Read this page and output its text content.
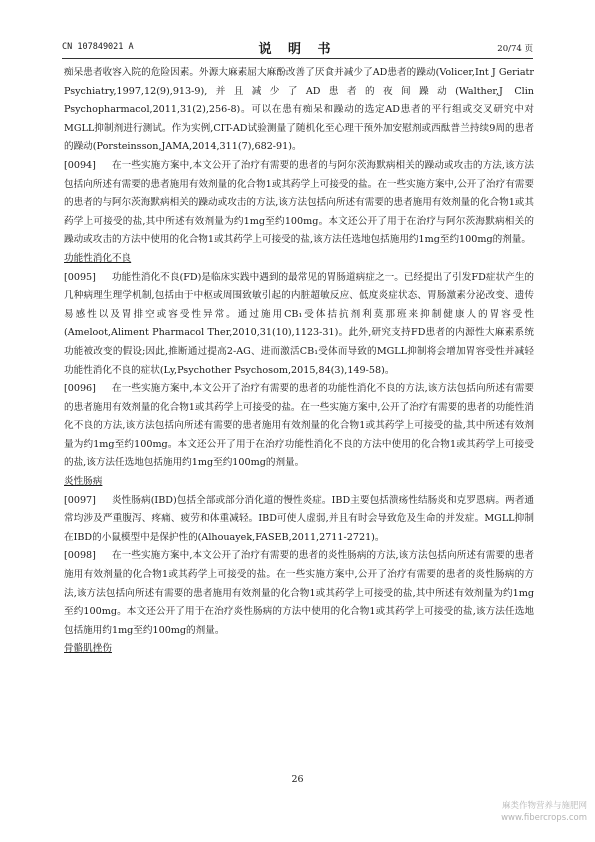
CN 107849021 A	说 明 书	20/74 页

痴呆患者收容入院的危险因素。外源大麻素屈大麻酚改善了厌食并减少了AD患者的躁动(Volicer,Int J Geriatr Psychiatry,1997,12(9),913-9),并且减少了AD患者的夜间躁动(Walther,J Clin Psychopharmacol,2011,31(2),256-8)。可以在患有痴呆和躁动的选定AD患者的平行组或交叉研究中对MGLL抑制剂进行测试。作为实例,CIT-AD试验测量了随机化至心理干预外加安慰剂或西酞普兰持续9周的患者的躁动(Porsteinsson,JAMA,2014,311(7),682-91)。

[0094] 在一些实施方案中,本文公开了治疗有需要的患者的与阿尔茨海默病相关的躁动或攻击的方法,该方法包括向所述有需要的患者施用有效剂量的化合物1或其药学上可接受的盐。在一些实施方案中,公开了治疗有需要的患者的与阿尔茨海默病相关的躁动或攻击的方法,该方法包括向所述有需要的患者施用有效剂量的化合物1或其药学上可接受的盐,其中所述有效剂量为约1mg至约100mg。本文还公开了用于在治疗与阿尔茨海默病相关的躁动或攻击的方法中使用的化合物1或其药学上可接受的盐,该方法任选地包括施用约1mg至约100mg的剂量。

功能性消化不良

[0095] 功能性消化不良(FD)是临床实践中遇到的最常见的胃肠道病症之一。已经提出了引发FD症状产生的几种病理生理学机制,包括由于中枢或周围致敏引起的内脏超敏反应、低度炎症状态、胃肠激素分泌改变、遗传易感性以及胃排空或容受性异常。通过施用CB₁受体拮抗剂利莫那班来抑制健康人的胃容受性(Ameloot,Aliment Pharmacol Ther,2010,31(10),1123-31)。此外,研究支持FD患者的内源性大麻素系统功能被改变的假设;因此,推断通过提高2-AG、进而激活CB₁受体而导致的MGLL抑制将会增加胃容受性并减轻功能性消化不良的症状(Ly,Psychother Psychosom,2015,84(3),149-58)。

[0096] 在一些实施方案中,本文公开了治疗有需要的患者的功能性消化不良的方法,该方法包括向所述有需要的患者施用有效剂量的化合物1或其药学上可接受的盐。在一些实施方案中,公开了治疗有需要的患者的功能性消化不良的方法,该方法包括向所述有需要的患者施用有效剂量的化合物1或其药学上可接受的盐,其中所述有效剂量为约1mg至约100mg。本文还公开了用于在治疗功能性消化不良的方法中使用的化合物1或其药学上可接受的盐,该方法任选地包括施用约1mg至约100mg的剂量。

炎性肠病

[0097] 炎性肠病(IBD)包括全部或部分消化道的慢性炎症。IBD主要包括溃疡性结肠炎和克罗恩病。两者通常均涉及严重腹泻、疼痛、疲劳和体重减轻。IBD可使人虚弱,并且有时会导致危及生命的并发症。MGLL抑制在IBD的小鼠模型中是保护性的(Alhouayek,FASEB,2011,2711-2721)。

[0098] 在一些实施方案中,本文公开了治疗有需要的患者的炎性肠病的方法,该方法包括向所述有需要的患者施用有效剂量的化合物1或其药学上可接受的盐。在一些实施方案中,公开了治疗有需要的患者的炎性肠病的方法,该方法包括向所述有需要的患者施用有效剂量的化合物1或其药学上可接受的盐,其中所述有效剂量为约1mg至约100mg。本文还公开了用于在治疗炎性肠病的方法中使用的化合物1或其药学上可接受的盐,该方法任选地包括施用约1mg至约100mg的剂量。

骨骼肌挫伤

26
麻类作物营养与施肥网
www.fibercrops.com
